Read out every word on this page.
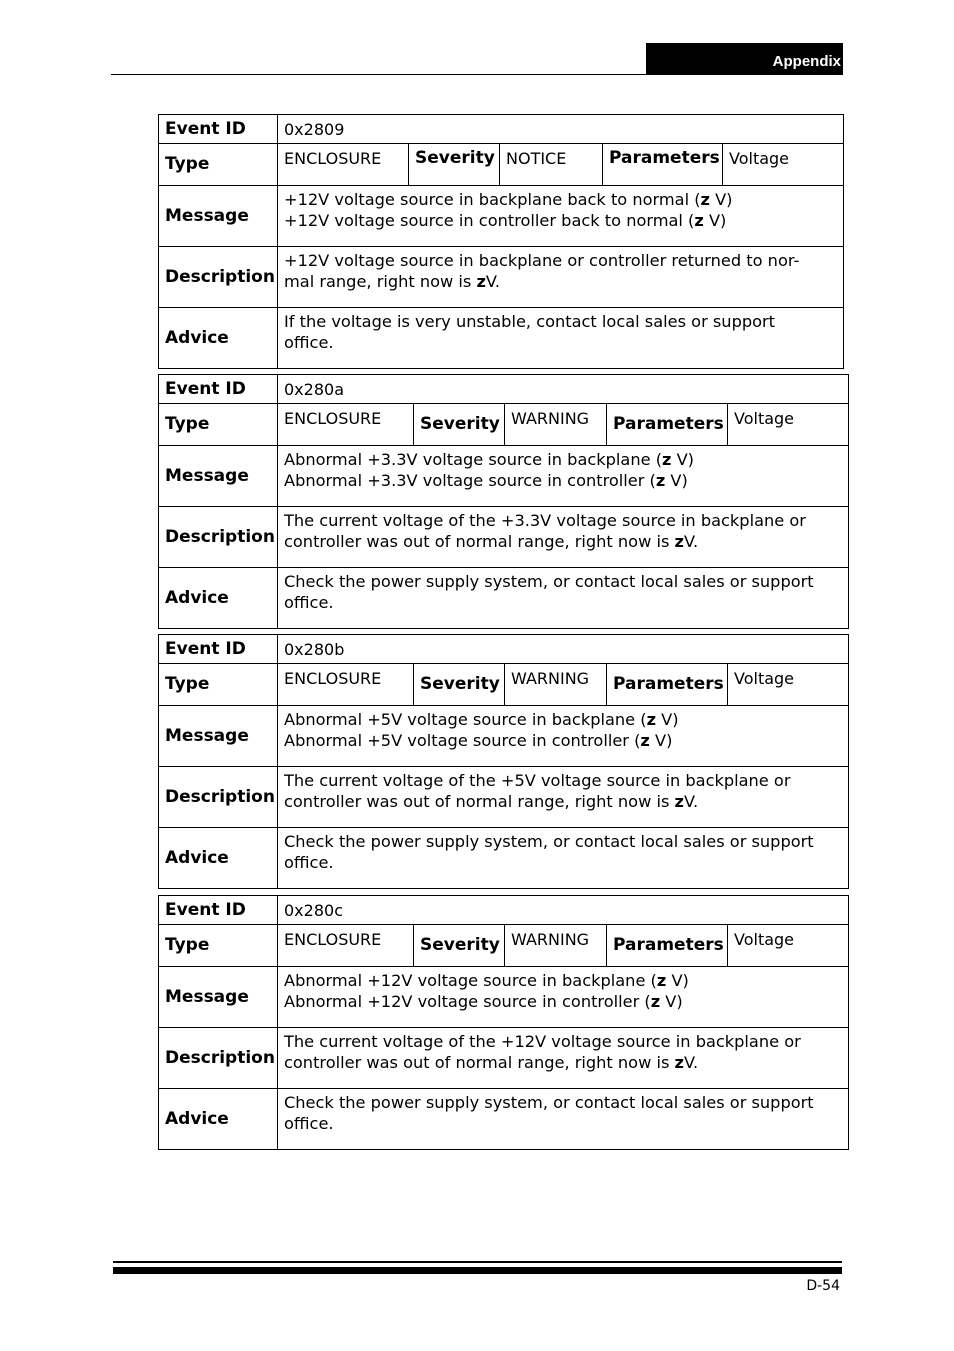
Appendix
Event ID	0x2809				
Type	ENCLOSURE	Severity	NOTICE	Parameters	Voltage
Message	+12V voltage source in backplane back to normal (z V)
+12V voltage source in controller back to normal (z V)				

Description	+12V voltage source in backplane or controller returned to nor-
mal range, right now is zV.				

Advice	If the voltage is very unstable, contact local sales or support
office.				
Event ID	0x280a				
Type	ENCLOSURE	Severity	WARNING	Parameters	Voltage
Message	Abnormal +3.3V voltage source in backplane (z V)
Abnormal +3.3V voltage source in controller (z V)				

Description	The current voltage of the +3.3V voltage source in backplane or
controller was out of normal range, right now is zV.				

Advice	Check the power supply system, or contact local sales or support
office.				
Event ID	0x280b				
Type	ENCLOSURE	Severity	WARNING	Parameters	Voltage
Message	Abnormal +5V voltage source in backplane (z V)
Abnormal +5V voltage source in controller (z V)				

Description	The current voltage of the +5V voltage source in backplane or
controller was out of normal range, right now is zV.				

Advice	Check the power supply system, or contact local sales or support
office.				
Event ID	0x280c				
Type	ENCLOSURE	Severity	WARNING	Parameters	Voltage
Message	Abnormal +12V voltage source in backplane (z V)
Abnormal +12V voltage source in controller (z V)				

Description	The current voltage of the +12V voltage source in backplane or
controller was out of normal range, right now is zV.				

Advice	Check the power supply system, or contact local sales or support
office.				
D-54
